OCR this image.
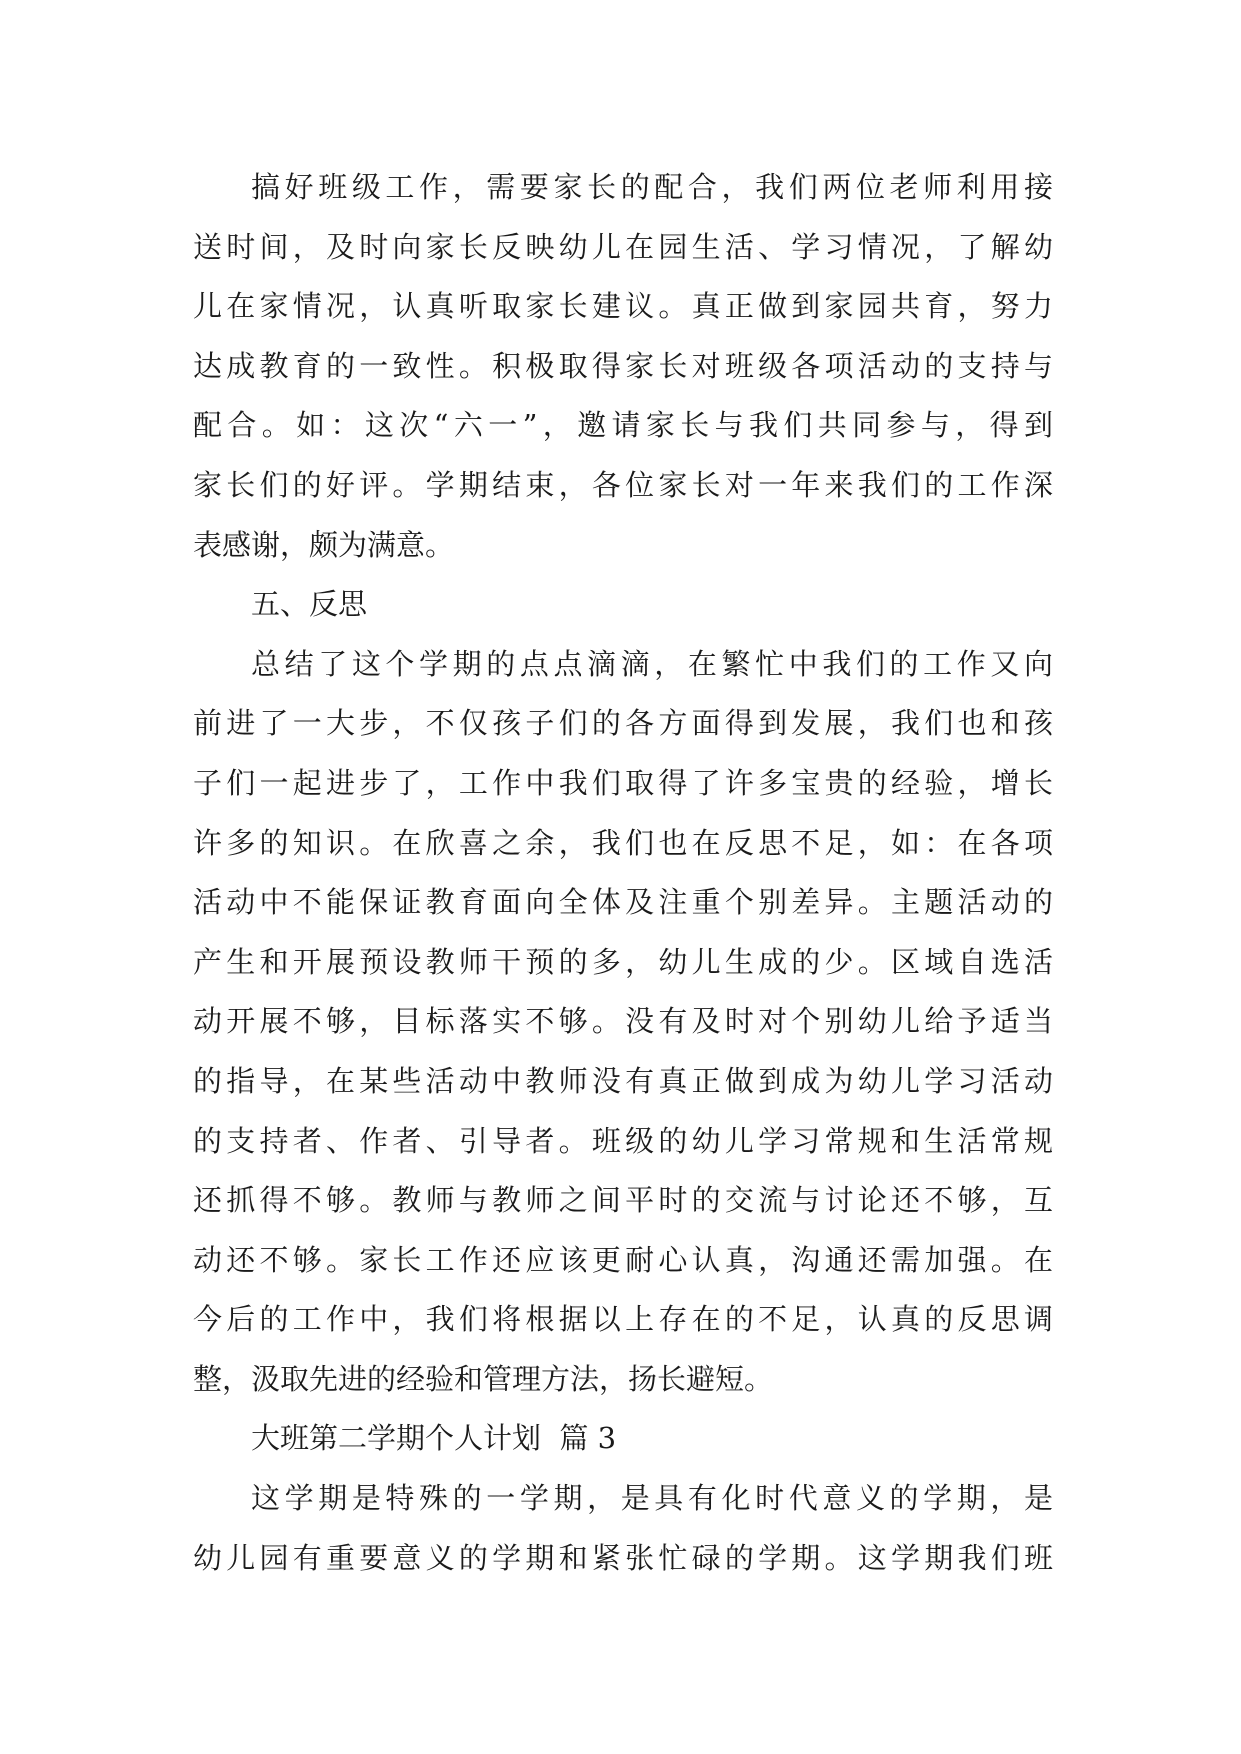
搞好班级工作，需要家长的配合，我们两位老师利用接
送时间，及时向家长反映幼儿在园生活、学习情况，了解幼
儿在家情况，认真听取家长建议。真正做到家园共育，努力
达成教育的一致性。积极取得家长对班级各项活动的支持与
配合。如：这次“六一”，邀请家长与我们共同参与，得到
家长们的好评。学期结束，各位家长对一年来我们的工作深
表感谢，颇为满意。
五、反思
总结了这个学期的点点滴滴，在繁忙中我们的工作又向
前进了一大步，不仅孩子们的各方面得到发展，我们也和孩
子们一起进步了，工作中我们取得了许多宝贵的经验，增长
许多的知识。在欣喜之余，我们也在反思不足，如：在各项
活动中不能保证教育面向全体及注重个别差异。主题活动的
产生和开展预设教师干预的多，幼儿生成的少。区域自选活
动开展不够，目标落实不够。没有及时对个别幼儿给予适当
的指导，在某些活动中教师没有真正做到成为幼儿学习活动
的支持者、作者、引导者。班级的幼儿学习常规和生活常规
还抓得不够。教师与教师之间平时的交流与讨论还不够，互
动还不够。家长工作还应该更耐心认真，沟通还需加强。在
今后的工作中，我们将根据以上存在的不足，认真的反思调
整，汲取先进的经验和管理方法，扬长避短。
大班第二学期个人计划  篇 3
这学期是特殊的一学期，是具有化时代意义的学期，是
幼儿园有重要意义的学期和紧张忙碌的学期。这学期我们班
